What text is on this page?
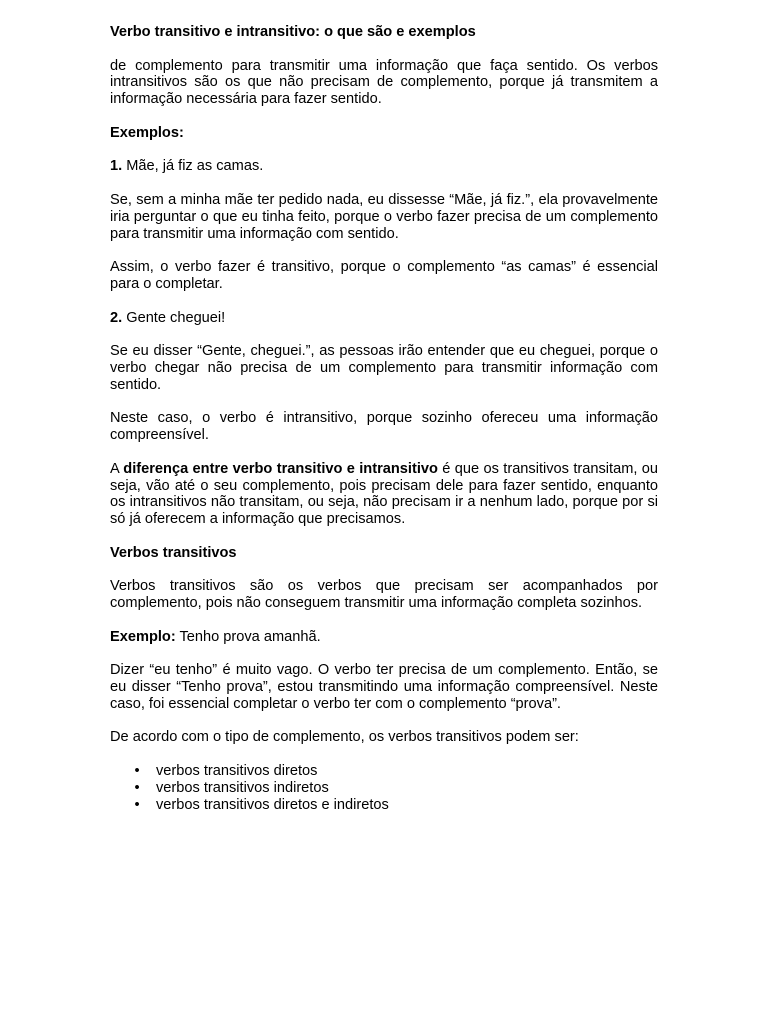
Verbo transitivo e intransitivo: o que são e exemplos

de complemento para transmitir uma informação que faça sentido. Os verbos intransitivos são os que não precisam de complemento, porque já transmitem a informação necessária para fazer sentido.

Exemplos:

1. Mãe, já fiz as camas.

Se, sem a minha mãe ter pedido nada, eu dissesse “Mãe, já fiz.”, ela provavelmente iria perguntar o que eu tinha feito, porque o verbo fazer precisa de um complemento para transmitir uma informação com sentido.

Assim, o verbo fazer é transitivo, porque o complemento “as camas” é essencial para o completar.

2. Gente cheguei!

Se eu disser “Gente, cheguei.”, as pessoas irão entender que eu cheguei, porque o verbo chegar não precisa de um complemento para transmitir informação com sentido.

Neste caso, o verbo é intransitivo, porque sozinho ofereceu uma informação compreensível.

A diferença entre verbo transitivo e intransitivo é que os transitivos transitam, ou seja, vão até o seu complemento, pois precisam dele para fazer sentido, enquanto os intransitivos não transitam, ou seja, não precisam ir a nenhum lado, porque por si só já oferecem a informação que precisamos.

Verbos transitivos

Verbos transitivos são os verbos que precisam ser acompanhados por complemento, pois não conseguem transmitir uma informação completa sozinhos.

Exemplo: Tenho prova amanhã.

Dizer “eu tenho” é muito vago. O verbo ter precisa de um complemento. Então, se eu disser “Tenho prova”, estou transmitindo uma informação compreensível. Neste caso, foi essencial completar o verbo ter com o complemento “prova”.

De acordo com o tipo de complemento, os verbos transitivos podem ser:

• verbos transitivos diretos
• verbos transitivos indiretos
• verbos transitivos diretos e indiretos
